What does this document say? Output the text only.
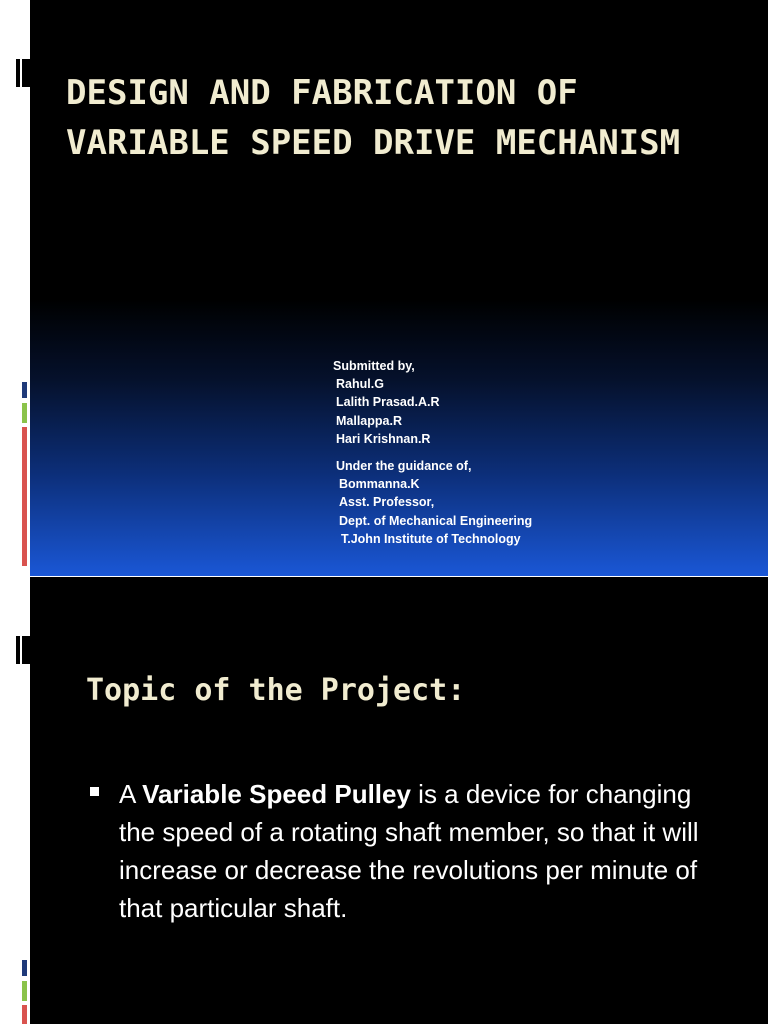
DESIGN AND FABRICATION OF VARIABLE SPEED DRIVE MECHANISM
Submitted by,
Rahul.G
Lalith Prasad.A.R
Mallappa.R
Hari Krishnan.R
Under the guidance of,
Bommanna.K
Asst. Professor,
Dept. of Mechanical Engineering
T.John Institute of Technology
Topic of the Project:

A Variable Speed Pulley is a device for changing the speed of a rotating shaft member, so that it will increase or decrease the revolutions per minute of that particular shaft.
